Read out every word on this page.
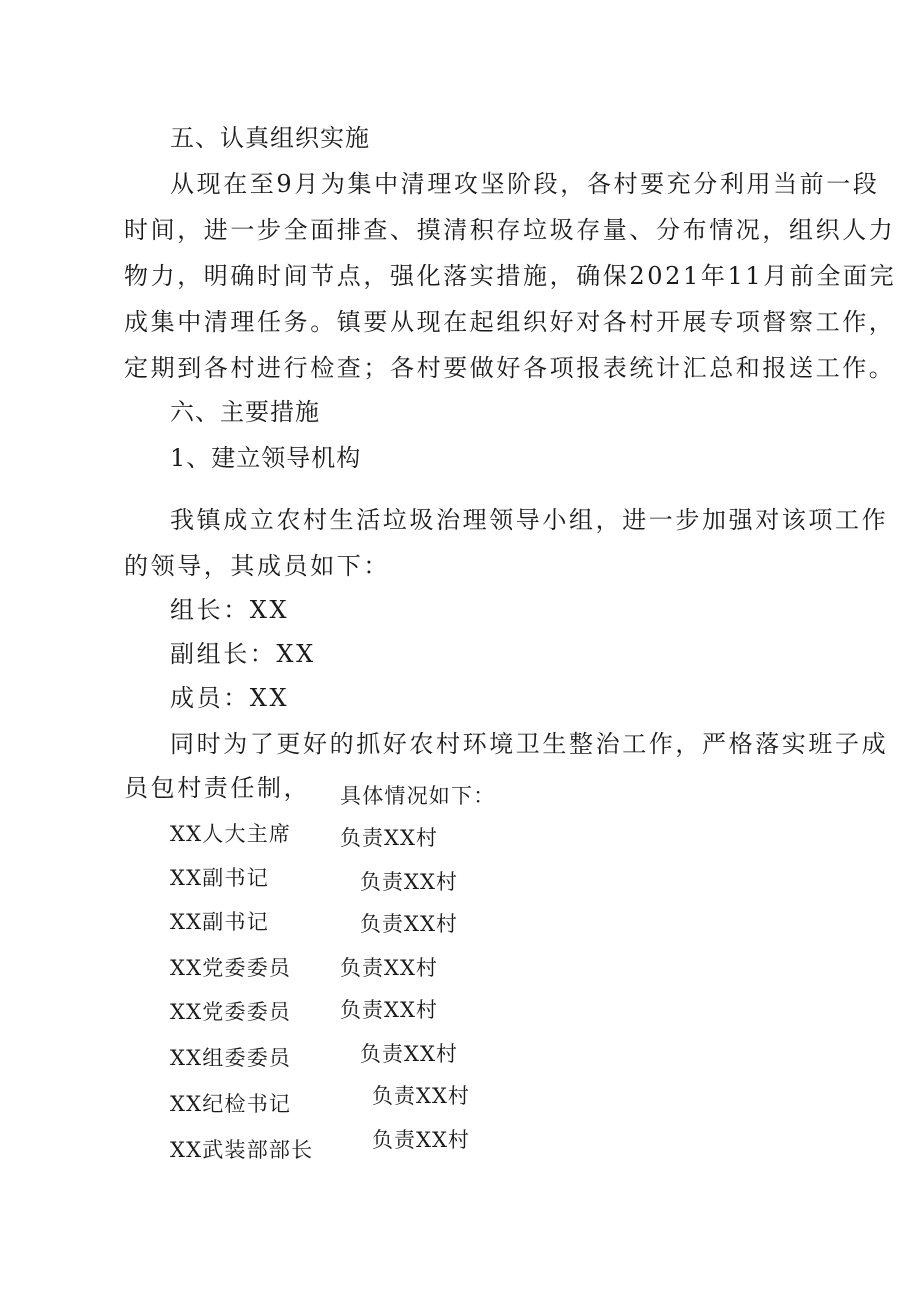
五、认真组织实施
从现在至9月为集中清理攻坚阶段，各村要充分利用当前一段
时间，进一步全面排查、摸清积存垃圾存量、分布情况，组织人力
物力，明确时间节点，强化落实措施，确保2021年11月前全面完
成集中清理任务。镇要从现在起组织好对各村开展专项督察工作，
定期到各村进行检查；各村要做好各项报表统计汇总和报送工作。
六、主要措施
1、建立领导机构
我镇成立农村生活垃圾治理领导小组，进一步加强对该项工作
的领导，其成员如下：
组长：XX
副组长：XX
成员：XX
同时为了更好的抓好农村环境卫生整治工作，严格落实班子成
员包村责任制， 具体情况如下：
XX人大主席 负责XX村
XX副书记	负责XX村
XX副书记	负责XX村
XX党委委员 负责XX村
XX党委委员 负责XX村
XX组委委员	负责XX村
XX纪检书记	负责XX村
XX武装部部长	负责XX村
